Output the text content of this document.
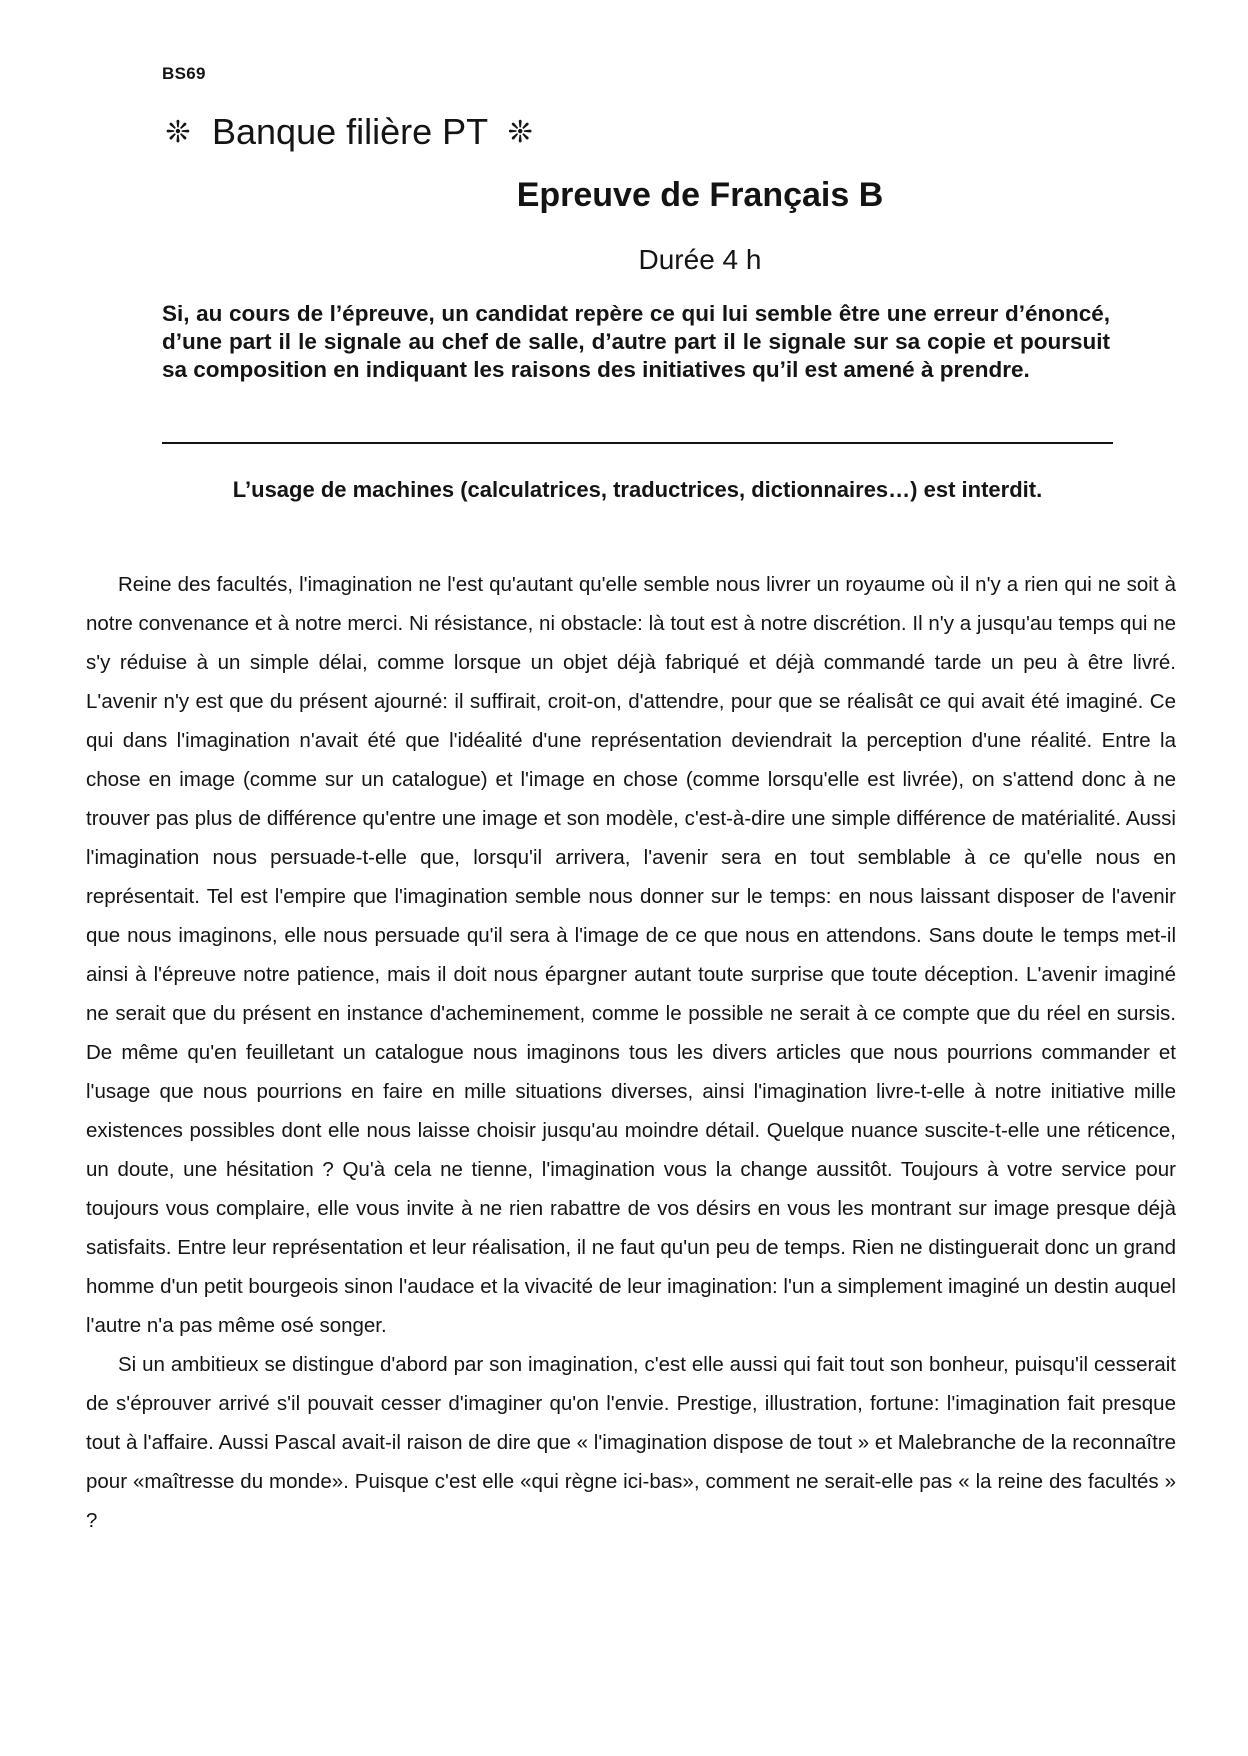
BS69
❊ Banque filière PT ❊
Epreuve de Français B
Durée 4 h
Si, au cours de l’épreuve, un candidat repère ce qui lui semble être une erreur d’énoncé, d’une part il le signale au chef de salle, d’autre part il le signale sur sa copie et poursuit sa composition en indiquant les raisons des initiatives qu’il est amené à prendre.
L’usage de machines (calculatrices, traductrices, dictionnaires…) est interdit.

Reine des facultés, l'imagination ne l'est qu'autant qu'elle semble nous livrer un royaume où il n'y a rien qui ne soit à notre convenance et à notre merci. Ni résistance, ni obstacle: là tout est à notre discrétion. Il n'y a jusqu'au temps qui ne s'y réduise à un simple délai, comme lorsque un objet déjà fabriqué et déjà commandé tarde un peu à être livré. L'avenir n'y est que du présent ajourné: il suffirait, croit-on, d'attendre, pour que se réalisât ce qui avait été imaginé. Ce qui dans l'imagination n'avait été que l'idéalité d'une représentation deviendrait la perception d'une réalité. Entre la chose en image (comme sur un catalogue) et l'image en chose (comme lorsqu'elle est livrée), on s'attend donc à ne trouver pas plus de différence qu'entre une image et son modèle, c'est-à-dire une simple différence de matérialité. Aussi l'imagination nous persuade-t-elle que, lorsqu'il arrivera, l'avenir sera en tout semblable à ce qu'elle nous en représentait. Tel est l'empire que l'imagination semble nous donner sur le temps: en nous laissant disposer de l'avenir que nous imaginons, elle nous persuade qu'il sera à l'image de ce que nous en attendons. Sans doute le temps met-il ainsi à l'épreuve notre patience, mais il doit nous épargner autant toute surprise que toute déception. L'avenir imaginé ne serait que du présent en instance d'acheminement, comme le possible ne serait à ce compte que du réel en sursis. De même qu'en feuilletant un catalogue nous imaginons tous les divers articles que nous pourrions commander et l'usage que nous pourrions en faire en mille situations diverses, ainsi l'imagination livre-t-elle à notre initiative mille existences possibles dont elle nous laisse choisir jusqu'au moindre détail. Quelque nuance suscite-t-elle une réticence, un doute, une hésitation ? Qu'à cela ne tienne, l'imagination vous la change aussitôt. Toujours à votre service pour toujours vous complaire, elle vous invite à ne rien rabattre de vos désirs en vous les montrant sur image presque déjà satisfaits. Entre leur représentation et leur réalisation, il ne faut qu'un peu de temps. Rien ne distinguerait donc un grand homme d'un petit bourgeois sinon l'audace et la vivacité de leur imagination: l'un a simplement imaginé un destin auquel l'autre n'a pas même osé songer.

Si un ambitieux se distingue d'abord par son imagination, c'est elle aussi qui fait tout son bonheur, puisqu'il cesserait de s'éprouver arrivé s'il pouvait cesser d'imaginer qu'on l'envie. Prestige, illustration, fortune: l'imagination fait presque tout à l'affaire. Aussi Pascal avait-il raison de dire que « l'imagination dispose de tout » et Malebranche de la reconnaître pour «maîtresse du monde». Puisque c'est elle «qui règne ici-bas», comment ne serait-elle pas « la reine des facultés » ?
